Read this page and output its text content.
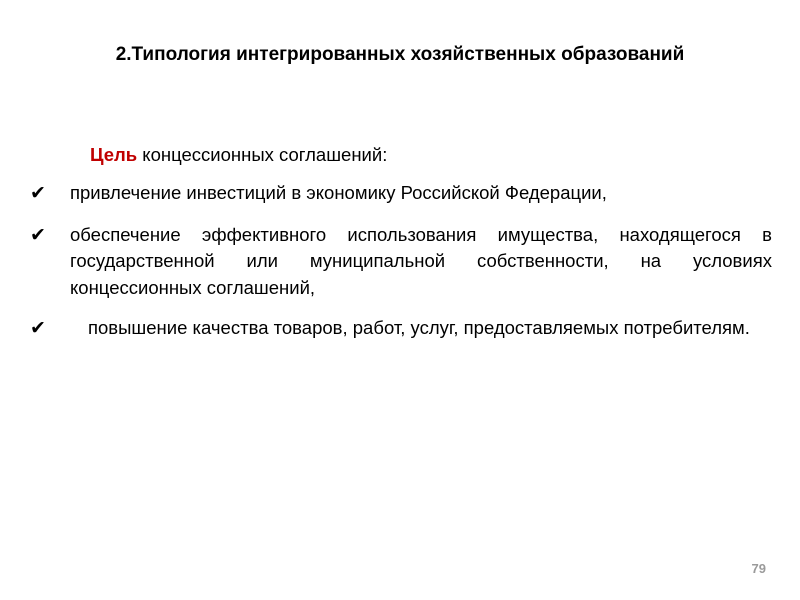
2.Типология интегрированных хозяйственных образований
Цель концессионных соглашений:
✔	привлечение инвестиций в экономику Российской Федерации,
✔	обеспечение эффективного использования имущества, находящегося в государственной или муниципальной собственности, на условиях концессионных соглашений,
✔	повышение качества товаров, работ, услуг, предоставляемых потребителям.
79
